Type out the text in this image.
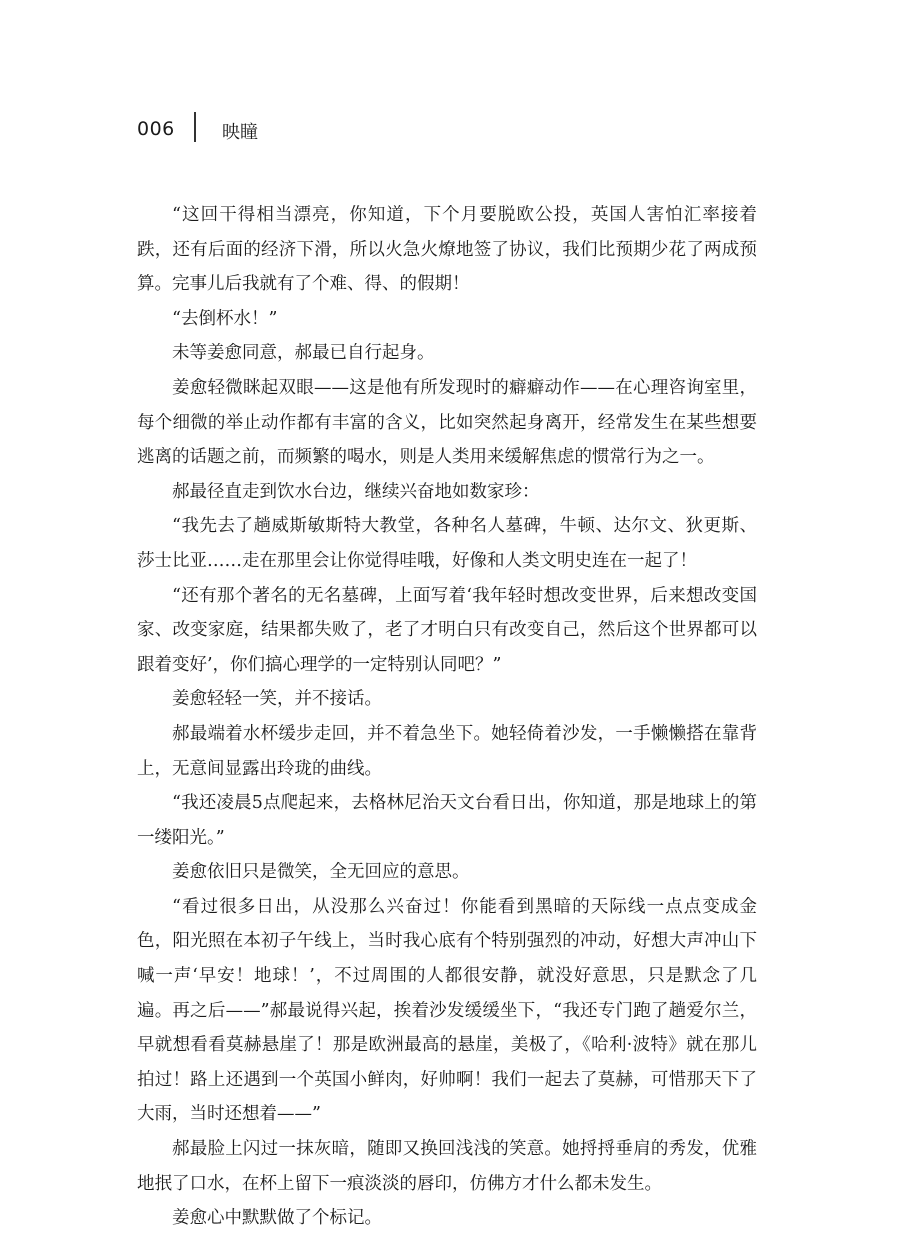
006	映瞳

“这回干得相当漂亮，你知道，下个月要脱欧公投，英国人害怕汇率接着跌，还有后面的经济下滑，所以火急火燎地签了协议，我们比预期少花了两成预算。完事儿后我就有了个难、得、的假期！

“去倒杯水！”

未等姜愈同意，郝最已自行起身。

姜愈轻微眯起双眼——这是他有所发现时的癖癖动作——在心理咨询室里，每个细微的举止动作都有丰富的含义，比如突然起身离开，经常发生在某些想要逃离的话题之前，而频繁的喝水，则是人类用来缓解焦虑的惯常行为之一。

郝最径直走到饮水台边，继续兴奋地如数家珍：

“我先去了趟威斯敏斯特大教堂，各种名人墓碑，牛顿、达尔文、狄更斯、莎士比亚……走在那里会让你觉得哇哦，好像和人类文明史连在一起了！

“还有那个著名的无名墓碑，上面写着‘我年轻时想改变世界，后来想改变国家、改变家庭，结果都失败了，老了才明白只有改变自己，然后这个世界都可以跟着变好’，你们搞心理学的一定特别认同吧？”

姜愈轻轻一笑，并不接话。

郝最端着水杯缓步走回，并不着急坐下。她轻倚着沙发，一手懒懒搭在靠背上，无意间显露出玲珑的曲线。

“我还凌晨5点爬起来，去格林尼治天文台看日出，你知道，那是地球上的第一缕阳光。”

姜愈依旧只是微笑，全无回应的意思。

“看过很多日出，从没那么兴奋过！你能看到黑暗的天际线一点点变成金色，阳光照在本初子午线上，当时我心底有个特别强烈的冲动，好想大声冲山下喊一声‘早安！地球！’，不过周围的人都很安静，就没好意思，只是默念了几遍。再之后——”郝最说得兴起，挨着沙发缓缓坐下，“我还专门跑了趟爱尔兰，早就想看看莫赫悬崖了！那是欧洲最高的悬崖，美极了，《哈利·波特》就在那儿拍过！路上还遇到一个英国小鲜肉，好帅啊！我们一起去了莫赫，可惜那天下了大雨，当时还想着——”

郝最脸上闪过一抹灰暗，随即又换回浅浅的笑意。她捋捋垂肩的秀发，优雅地抿了口水，在杯上留下一痕淡淡的唇印，仿佛方才什么都未发生。

姜愈心中默默做了个标记。
